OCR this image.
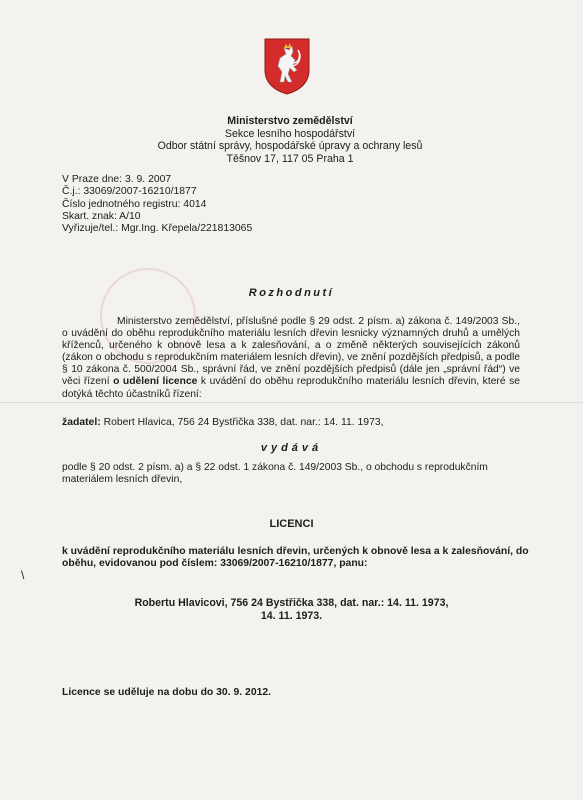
Ministerstvo zemědělství
Sekce lesního hospodářství
Odbor státní správy, hospodářské úpravy a ochrany lesů
Těšnov 17, 117 05 Praha 1
V Praze dne: 3. 9. 2007
Č.j.: 33069/2007-16210/1877
Číslo jednotného registru: 4014
Skart. znak: A/10
Vyřizuje/tel.: Mgr.Ing. Křepela/221813065
Rozhodnutí
Ministerstvo zemědělství, příslušné podle § 29 odst. 2 písm. a) zákona č. 149/2003 Sb., o uvádění do oběhu reprodukčního materiálu lesních dřevin lesnicky významných druhů a umělých kříženců, určeného k obnově lesa a k zalesňování, a o změně některých souvisejících zákonů (zákon o obchodu s reprodukčním materiálem lesních dřevin), ve znění pozdějších předpisů, a podle § 10 zákona č. 500/2004 Sb., správní řád, ve znění pozdějších předpisů (dále jen „správní řád“) ve věci řízení o udělení licence k uvádění do oběhu reprodukčního materiálu lesních dřevin, které se dotýká těchto účastníků řízení:
žadatel: Robert Hlavica, 756 24 Bystřička 338, dat. nar.: 14. 11. 1973,
vydává
podle § 20 odst. 2 písm. a) a § 22 odst. 1 zákona č. 149/2003 Sb., o obchodu s reprodukčním materiálem lesních dřevin,
LICENCI
k uvádění reprodukčního materiálu lesních dřevin, určených k obnově lesa a k zalesňování, do oběhu, evidovanou pod číslem: 33069/2007-16210/1877, panu:
\
Robertu Hlavicovi, 756 24 Bystřička 338, dat. nar.: 14. 11. 1973,
14. 11. 1973.
Licence se uděluje na dobu do 30. 9. 2012.
